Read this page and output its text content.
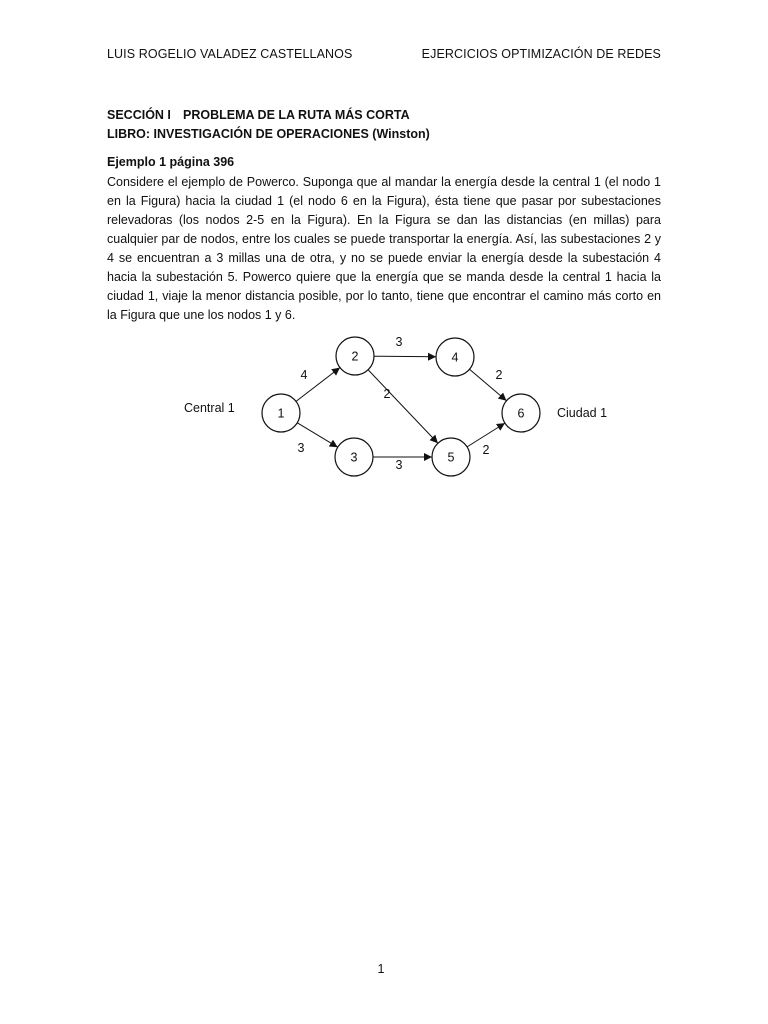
LUIS ROGELIO VALADEZ CASTELLANOS	EJERCICIOS OPTIMIZACIÓN DE REDES
SECCIÓN I PROBLEMA DE LA RUTA MÁS CORTA
LIBRO: INVESTIGACIÓN DE OPERACIONES (Winston)
Ejemplo 1 página 396
Considere el ejemplo de Powerco. Suponga que al mandar la energía desde la central 1 (el nodo 1 en la Figura) hacia la ciudad 1 (el nodo 6 en la Figura), ésta tiene que pasar por subestaciones relevadoras (los nodos 2-5 en la Figura). En la Figura se dan las distancias (en millas) para cualquier par de nodos, entre los cuales se puede transportar la energía. Así, las subestaciones 2 y 4 se encuentran a 3 millas una de otra, y no se puede enviar la energía desde la subestación 4 hacia la subestación 5. Powerco quiere que la energía que se manda desde la central 1 hacia la ciudad 1, viaje la menor distancia posible, por lo tanto, tiene que encontrar el camino más corto en la Figura que une los nodos 1 y 6.
4
3
3
2
3
2
2
1
2
3
4
5
6
Central 1	Ciudad 1
1
